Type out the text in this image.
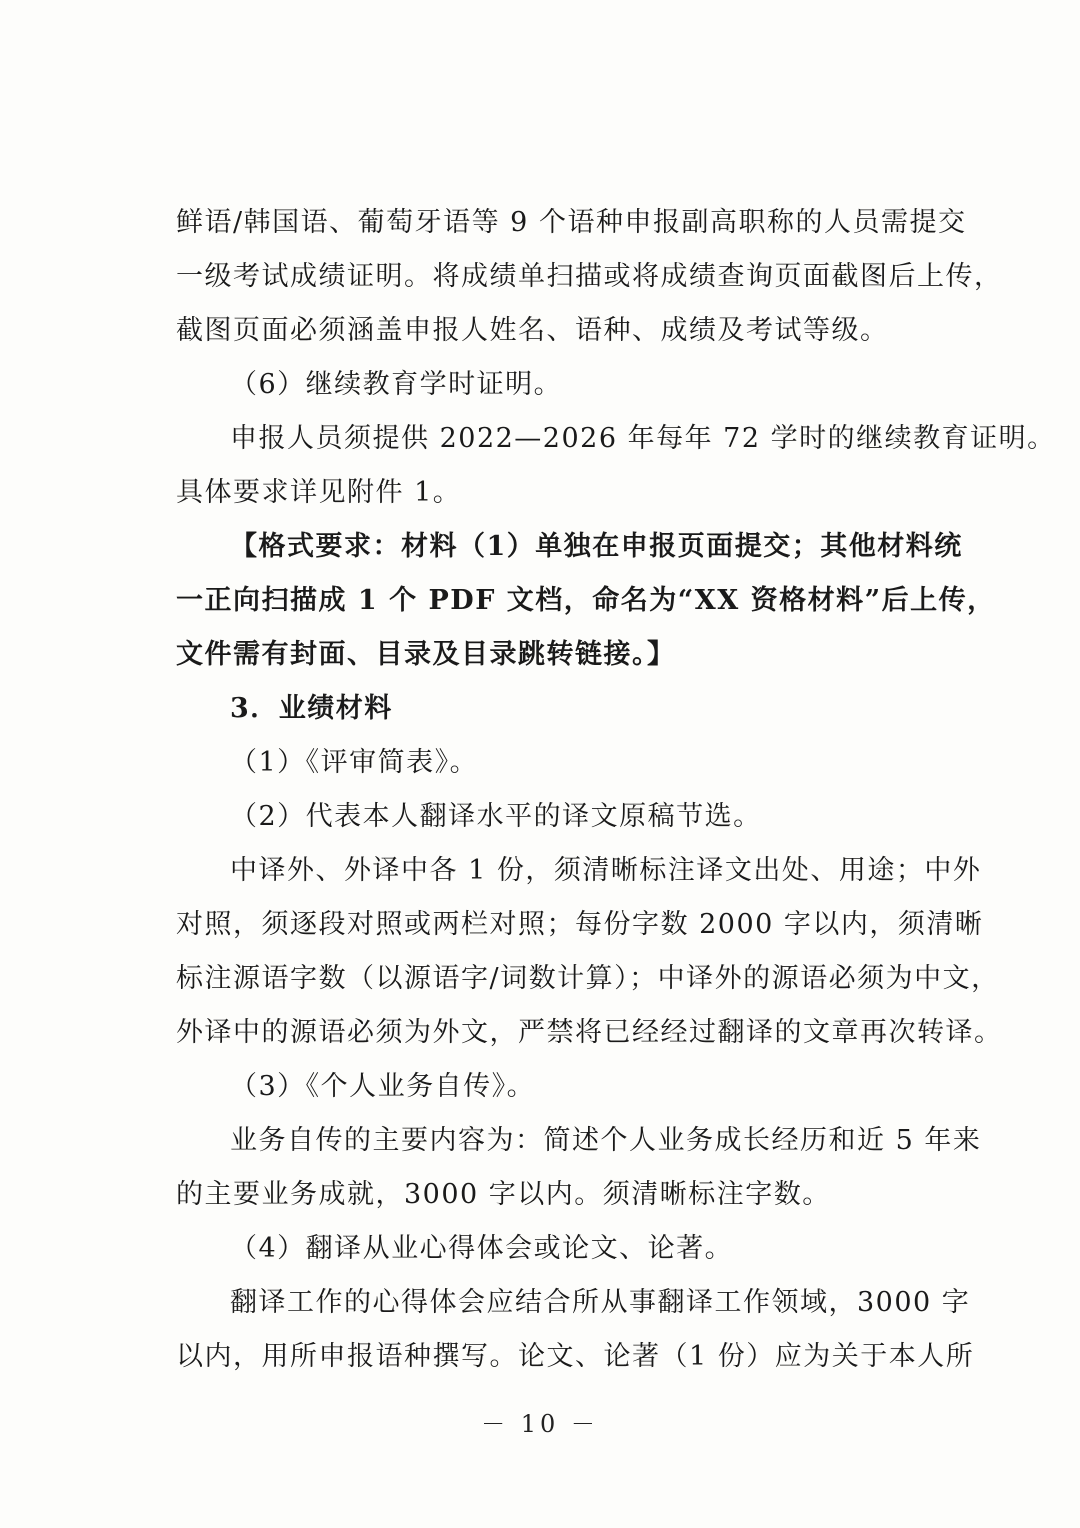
鲜语/韩国语、葡萄牙语等 9 个语种申报副高职称的人员需提交
一级考试成绩证明。将成绩单扫描或将成绩查询页面截图后上传，
截图页面必须涵盖申报人姓名、语种、成绩及考试等级。
（6）继续教育学时证明。
申报人员须提供 2022—2026 年每年 72 学时的继续教育证明。
具体要求详见附件 1。
【格式要求：材料（1）单独在申报页面提交；其他材料统
一正向扫描成 1 个 PDF 文档，命名为“XX 资格材料”后上传，
文件需有封面、目录及目录跳转链接。】
3．业绩材料
（1）《评审简表》。
（2）代表本人翻译水平的译文原稿节选。
中译外、外译中各 1 份，须清晰标注译文出处、用途；中外
对照，须逐段对照或两栏对照；每份字数 2000 字以内，须清晰
标注源语字数（以源语字/词数计算）；中译外的源语必须为中文，
外译中的源语必须为外文，严禁将已经经过翻译的文章再次转译。
（3）《个人业务自传》。
业务自传的主要内容为：简述个人业务成长经历和近 5 年来
的主要业务成就，3000 字以内。须清晰标注字数。
（4）翻译从业心得体会或论文、论著。
翻译工作的心得体会应结合所从事翻译工作领域，3000 字
以内，用所申报语种撰写。论文、论著（1 份）应为关于本人所
－ 10 －
